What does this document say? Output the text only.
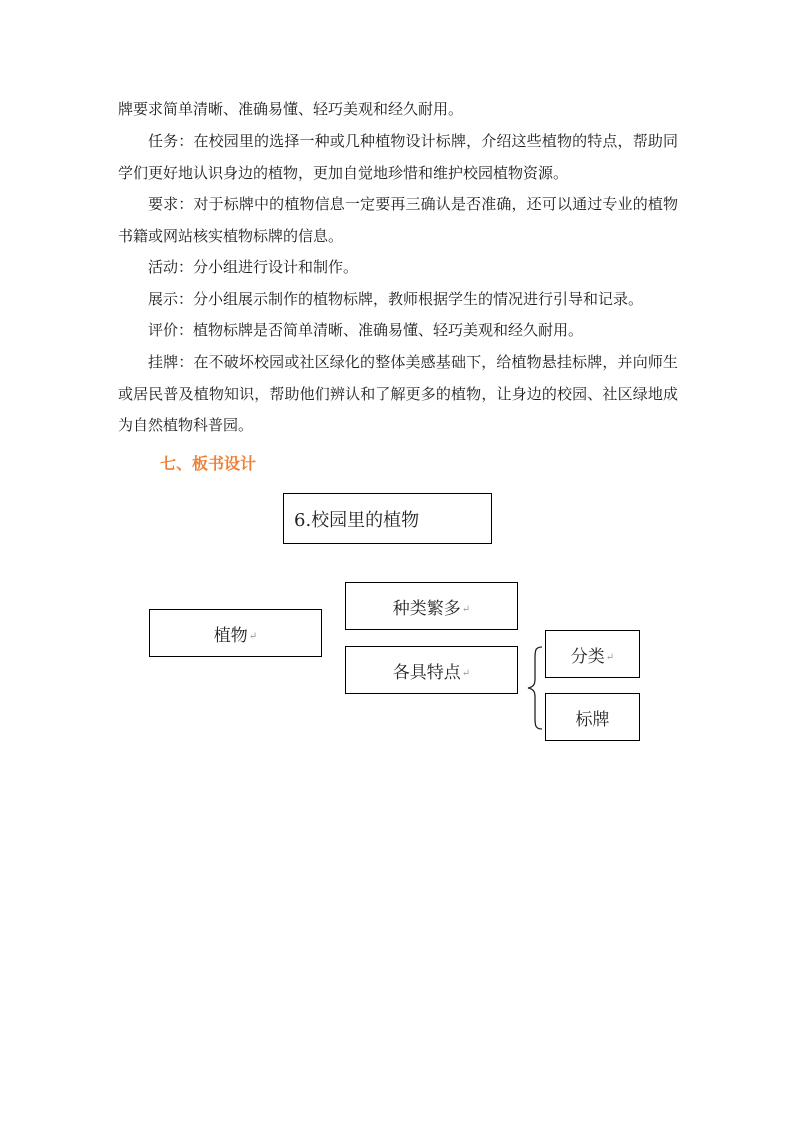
牌要求简单清晰、准确易懂、轻巧美观和经久耐用。

任务：在校园里的选择一种或几种植物设计标牌，介绍这些植物的特点，帮助同学们更好地认识身边的植物，更加自觉地珍惜和维护校园植物资源。

要求：对于标牌中的植物信息一定要再三确认是否准确，还可以通过专业的植物书籍或网站核实植物标牌的信息。

活动：分小组进行设计和制作。

展示：分小组展示制作的植物标牌，教师根据学生的情况进行引导和记录。

评价：植物标牌是否简单清晰、准确易懂、轻巧美观和经久耐用。

挂牌：在不破坏校园或社区绿化的整体美感基础下，给植物悬挂标牌，并向师生或居民普及植物知识，帮助他们辨认和了解更多的植物，让身边的校园、社区绿地成为自然植物科普园。

七、板书设计
6.校园里的植物
植物 ↵
种类繁多 ↵
各具特点 ↵
分类 ↵
标牌
